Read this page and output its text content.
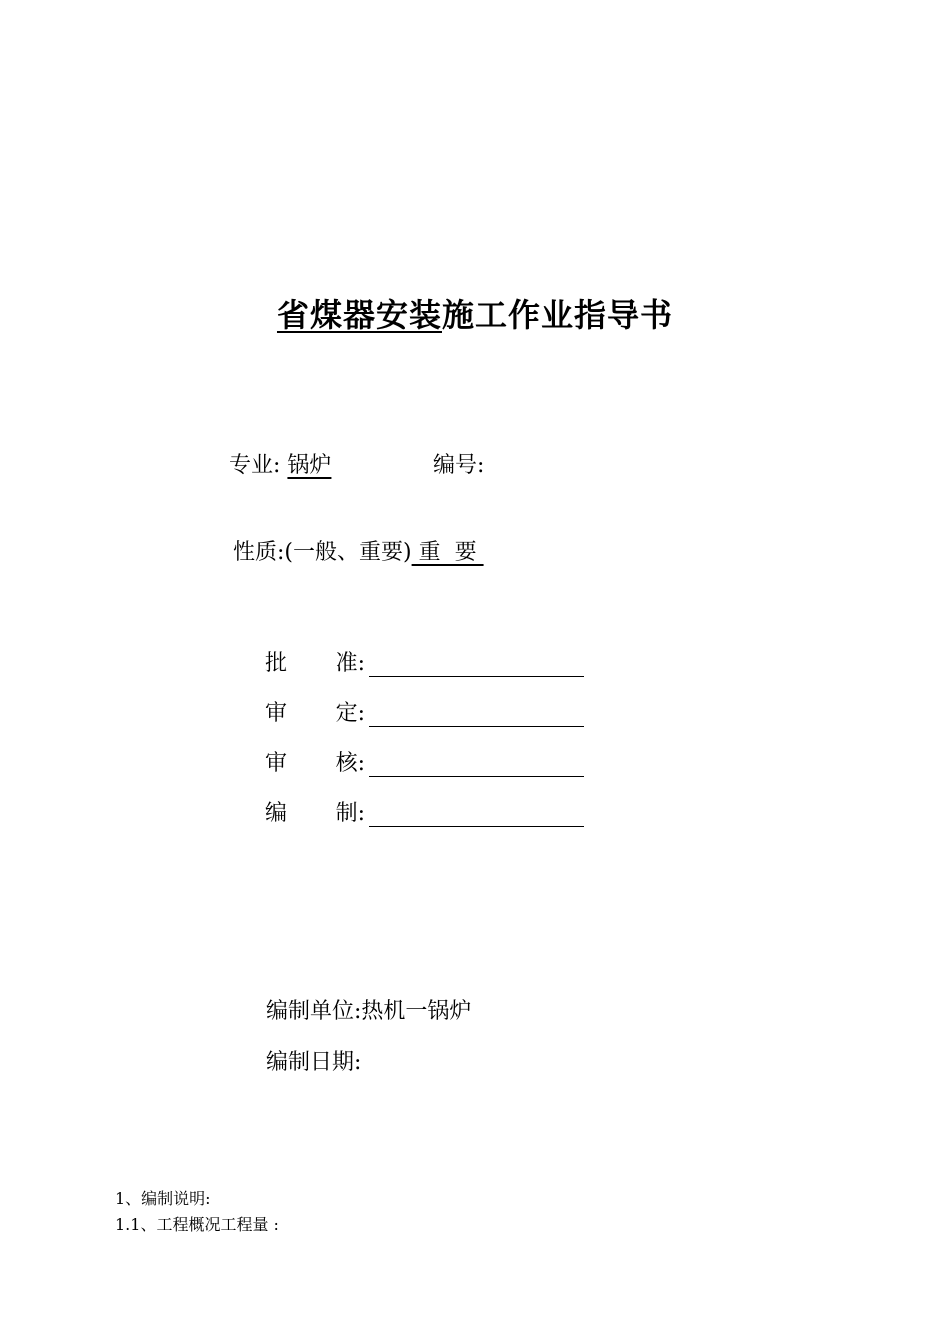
省煤器安装施工作业指导书
专业: 锅炉	编号:
性质:(一般、重要) 重  要
批 准:
审 定:
审 核:
编 制:
编制单位:热机一锅炉
编制日期:
1、编制说明:
1.1、工程概况工程量 :
